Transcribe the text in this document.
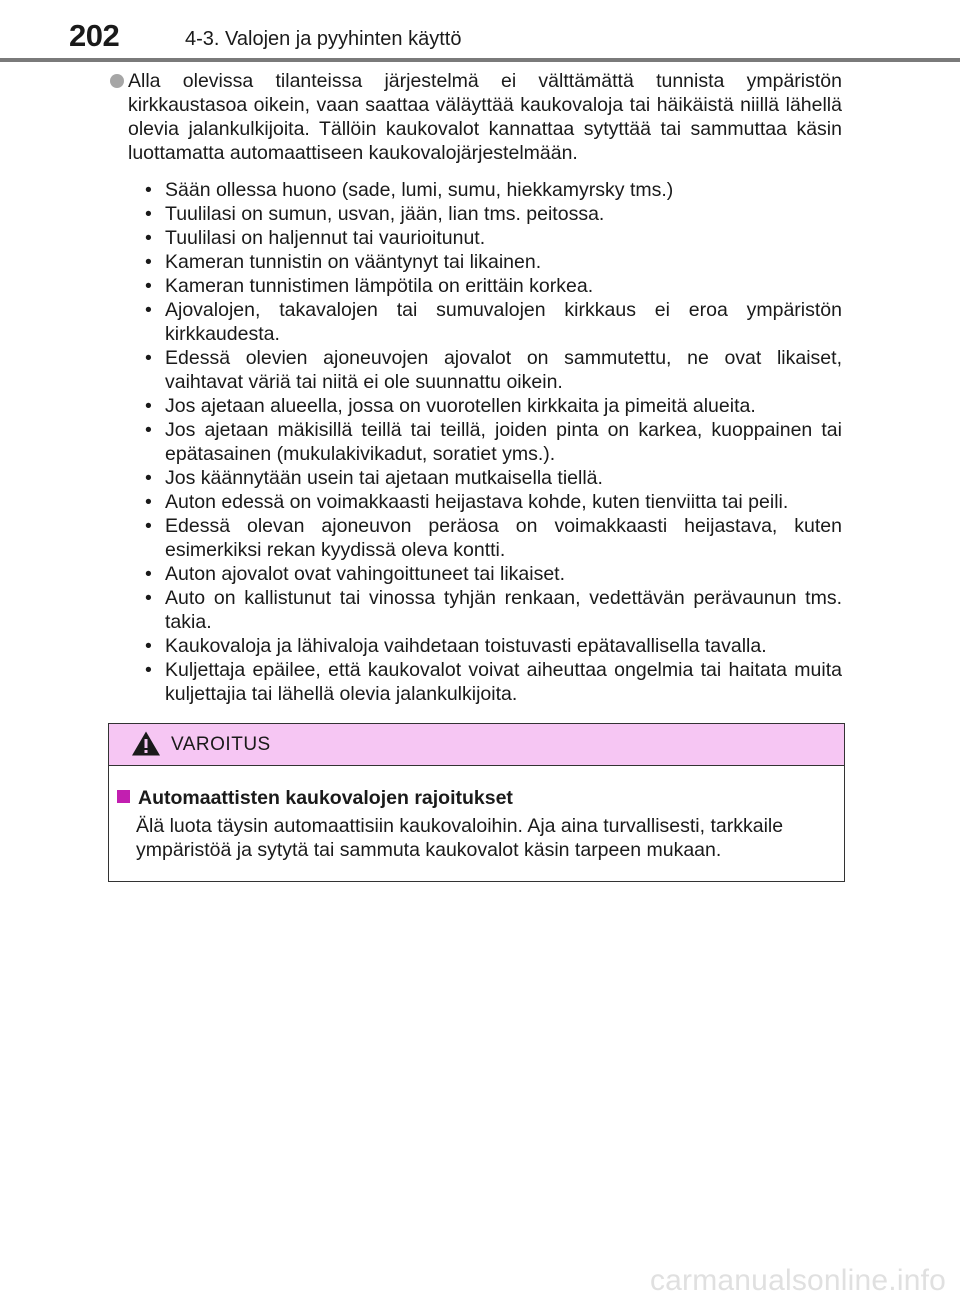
202	4-3. Valojen ja pyyhinten käyttö
Alla olevissa tilanteissa järjestelmä ei välttämättä tunnista ympäristön kirkkaustasoa oikein, vaan saattaa väläyttää kaukovaloja tai häikäistä niillä lähellä olevia jalankulkijoita. Tällöin kaukovalot kannattaa sytyttää tai sammuttaa käsin luottamatta automaattiseen kaukovalojärjestelmään.
• Sään ollessa huono (sade, lumi, sumu, hiekkamyrsky tms.)
• Tuulilasi on sumun, usvan, jään, lian tms. peitossa.
• Tuulilasi on haljennut tai vaurioitunut.
• Kameran tunnistin on vääntynyt tai likainen.
• Kameran tunnistimen lämpötila on erittäin korkea.
• Ajovalojen, takavalojen tai sumuvalojen kirkkaus ei eroa ympäristön kirkkaudesta.
• Edessä olevien ajoneuvojen ajovalot on sammutettu, ne ovat likaiset, vaihtavat väriä tai niitä ei ole suunnattu oikein.
• Jos ajetaan alueella, jossa on vuorotellen kirkkaita ja pimeitä alueita.
• Jos ajetaan mäkisillä teillä tai teillä, joiden pinta on karkea, kuoppainen tai epätasainen (mukulakivikadut, soratiet yms.).
• Jos käännytään usein tai ajetaan mutkaisella tiellä.
• Auton edessä on voimakkaasti heijastava kohde, kuten tienviitta tai peili.
• Edessä olevan ajoneuvon peräosa on voimakkaasti heijastava, kuten esimerkiksi rekan kyydissä oleva kontti.
• Auton ajovalot ovat vahingoittuneet tai likaiset.
• Auto on kallistunut tai vinossa tyhjän renkaan, vedettävän perävaunun tms. takia.
• Kaukovaloja ja lähivaloja vaihdetaan toistuvasti epätavallisella tavalla.
• Kuljettaja epäilee, että kaukovalot voivat aiheuttaa ongelmia tai haitata muita kuljettajia tai lähellä olevia jalankulkijoita.
VAROITUS
Automaattisten kaukovalojen rajoitukset
Älä luota täysin automaattisiin kaukovaloihin. Aja aina turvallisesti, tarkkaile ympäristöä ja sytytä tai sammuta kaukovalot käsin tarpeen mukaan.
carmanualsonline.info
